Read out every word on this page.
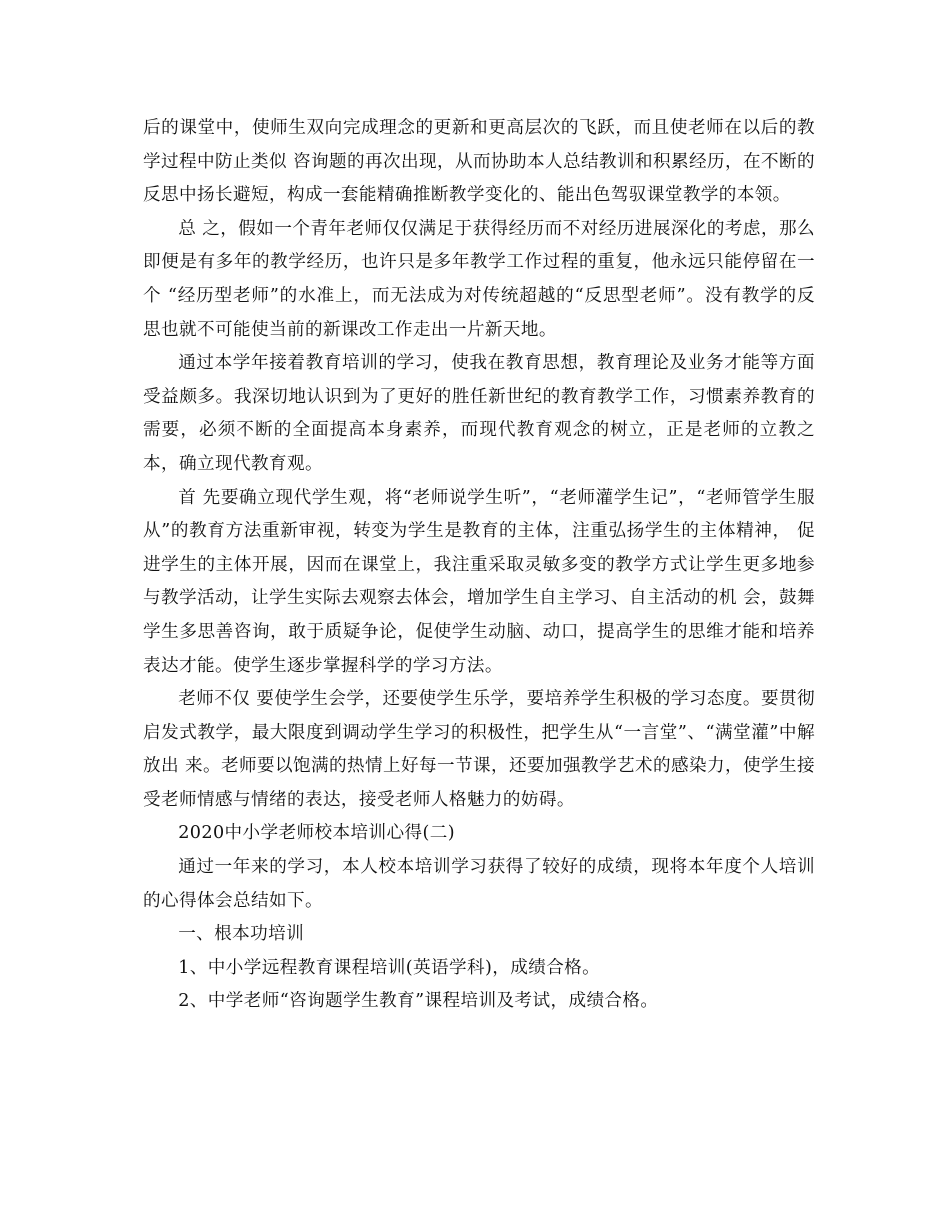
后的课堂中，使师生双向完成理念的更新和更高层次的飞跃，而且使老师在以后的教学过程中防止类似 咨询题的再次出现，从而协助本人总结教训和积累经历，在不断的反思中扬长避短，构成一套能精确推断教学变化的、能出色驾驭课堂教学的本领。

总 之，假如一个青年老师仅仅满足于获得经历而不对经历进展深化的考虑，那么即便是有多年的教学经历，也许只是多年教学工作过程的重复，他永远只能停留在一个 “经历型老师”的水准上，而无法成为对传统超越的“反思型老师”。没有教学的反思也就不可能使当前的新课改工作走出一片新天地。

通过本学年接着教育培训的学习，使我在教育思想，教育理论及业务才能等方面受益颇多。我深切地认识到为了更好的胜任新世纪的教育教学工作，习惯素养教育的需要，必须不断的全面提高本身素养，而现代教育观念的树立，正是老师的立教之本，确立现代教育观。

首 先要确立现代学生观，将“老师说学生听”，“老师灌学生记”，“老师管学生服从”的教育方法重新审视，转变为学生是教育的主体，注重弘扬学生的主体精神， 促进学生的主体开展，因而在课堂上，我注重采取灵敏多变的教学方式让学生更多地参与教学活动，让学生实际去观察去体会，增加学生自主学习、自主活动的机 会，鼓舞学生多思善咨询，敢于质疑争论，促使学生动脑、动口，提高学生的思维才能和培养表达才能。使学生逐步掌握科学的学习方法。

老师不仅 要使学生会学，还要使学生乐学，要培养学生积极的学习态度。要贯彻启发式教学，最大限度到调动学生学习的积极性，把学生从“一言堂”、“满堂灌”中解放出 来。老师要以饱满的热情上好每一节课，还要加强教学艺术的感染力，使学生接受老师情感与情绪的表达，接受老师人格魅力的妨碍。

2020中小学老师校本培训心得(二)

通过一年来的学习，本人校本培训学习获得了较好的成绩，现将本年度个人培训的心得体会总结如下。

一、根本功培训

1、中小学远程教育课程培训(英语学科)，成绩合格。

2、中学老师“咨询题学生教育”课程培训及考试，成绩合格。
